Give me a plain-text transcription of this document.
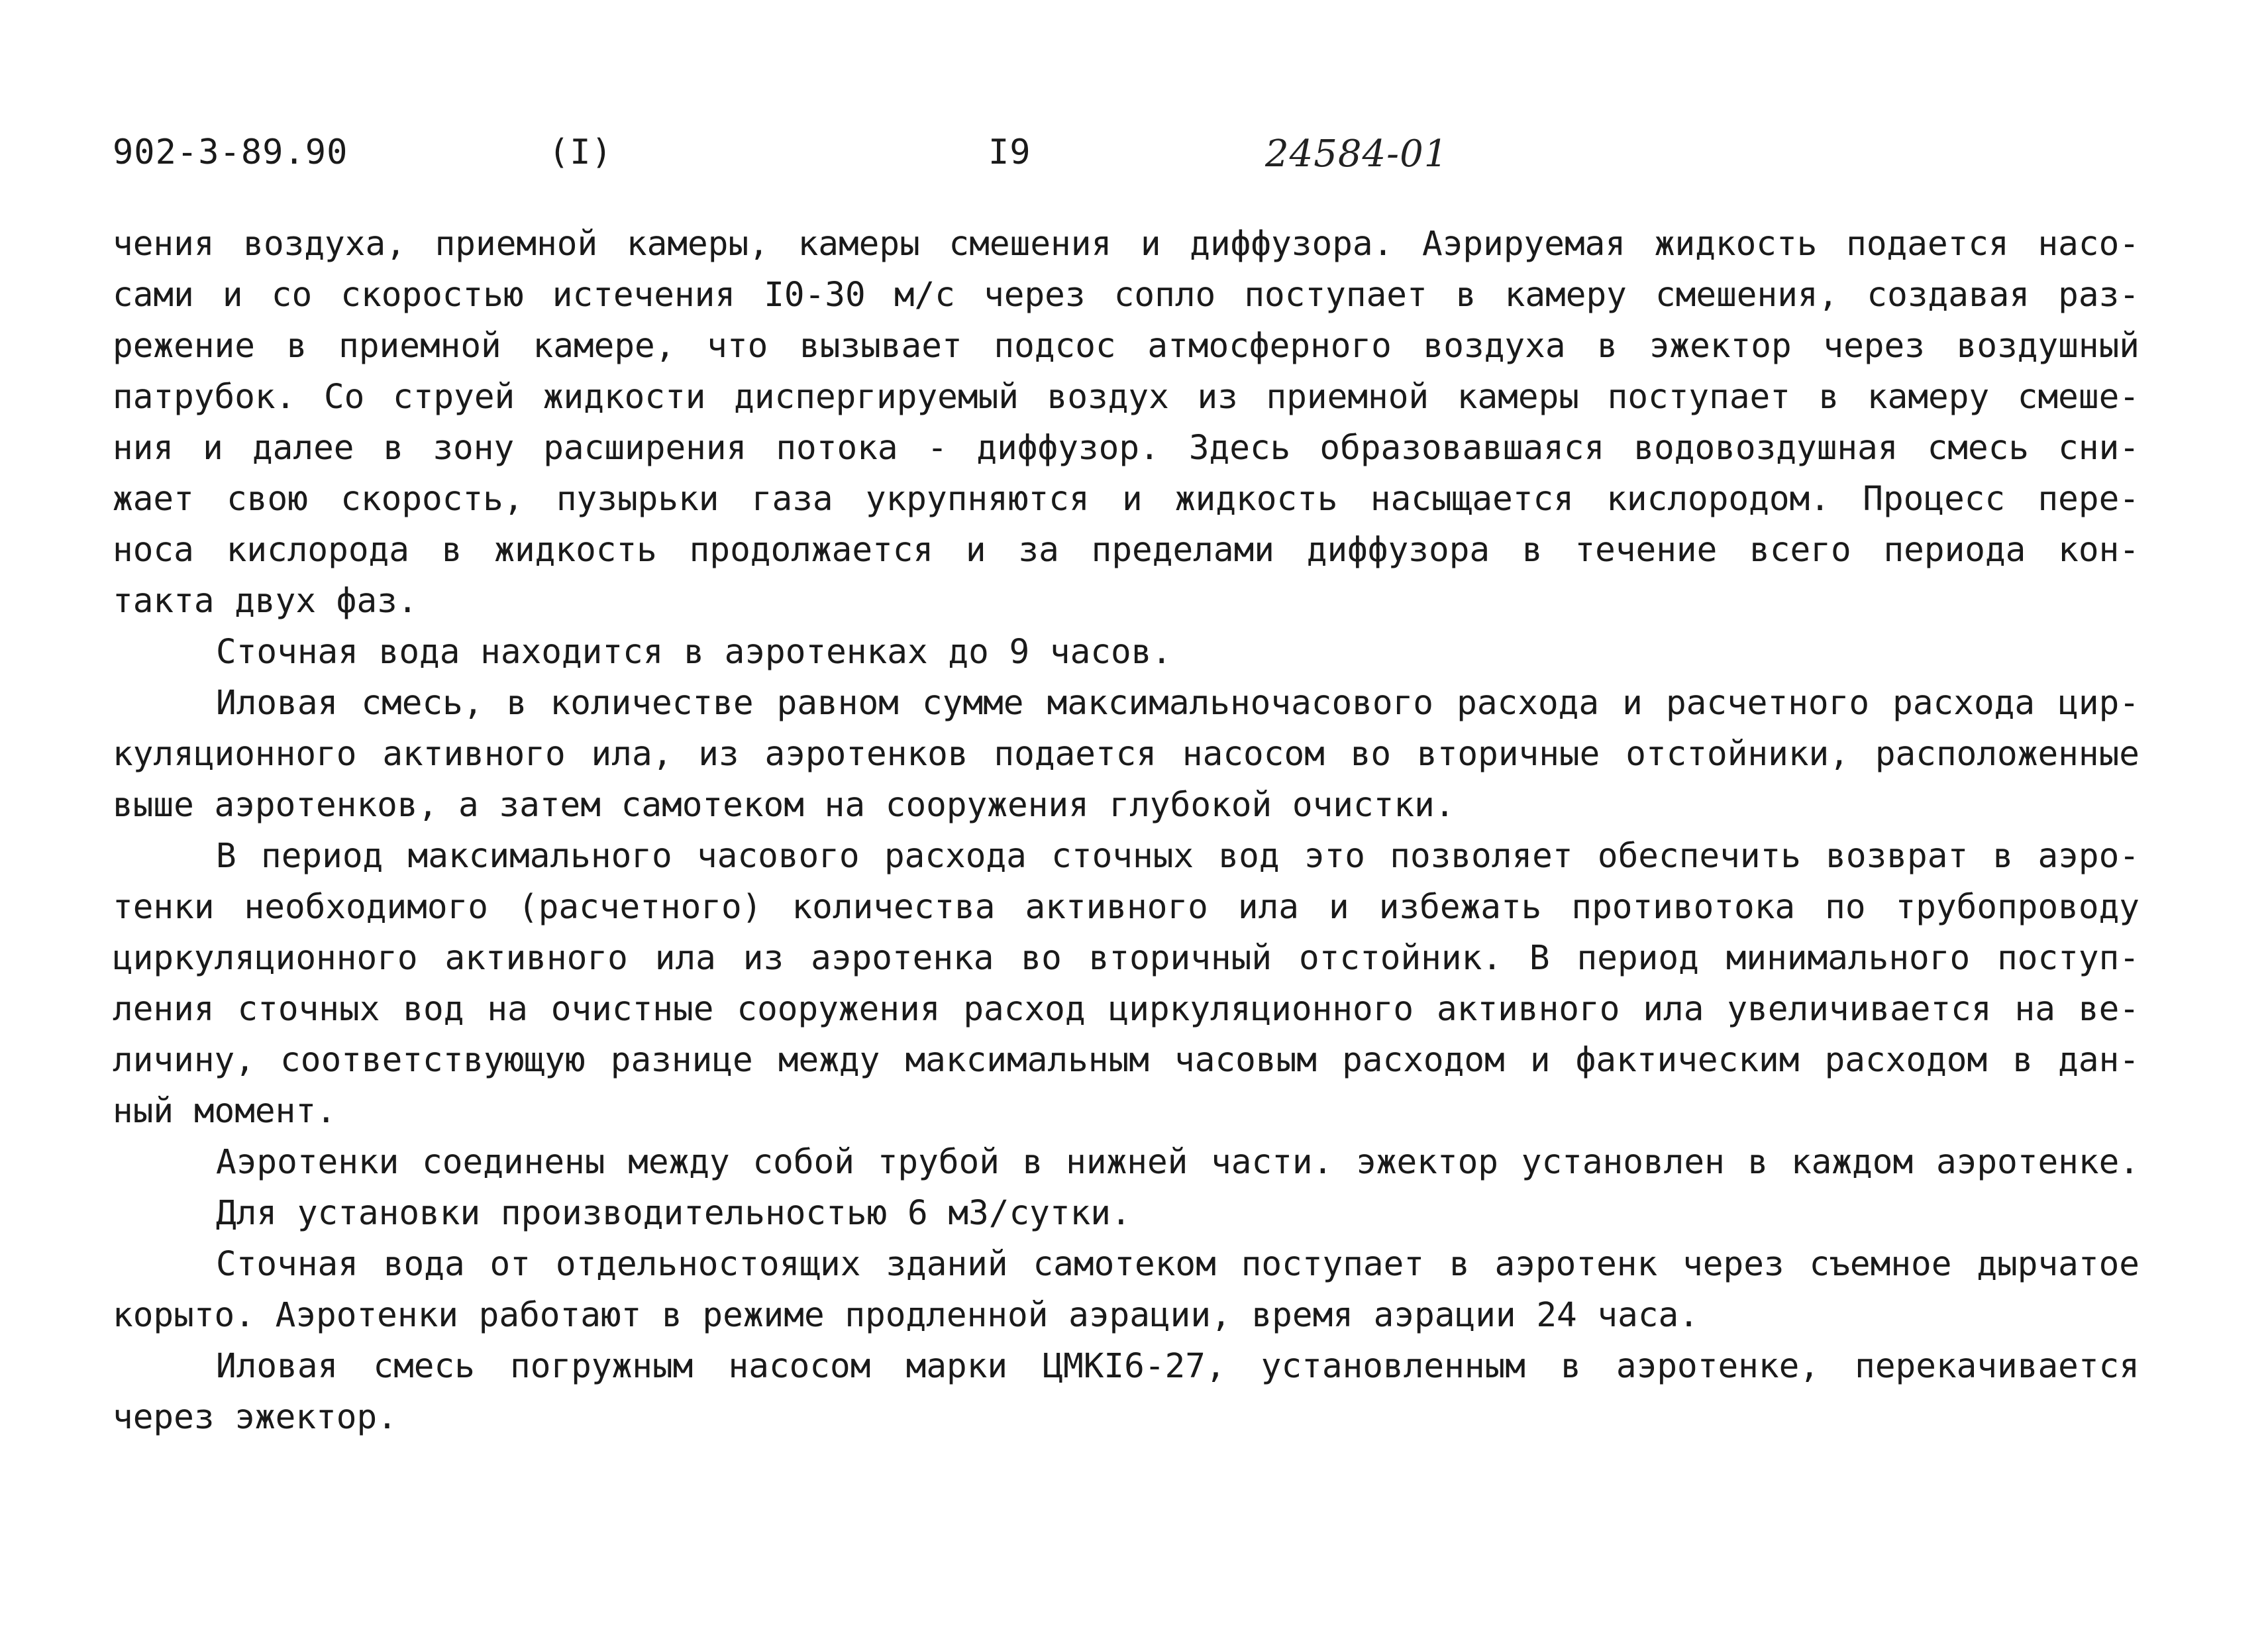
902-3-89.90	(I)	I9	24584-01
чения воздуха, приемной камеры, камеры смешения и диффузора. Аэрируемая жидкость подается насо-
сами и со скоростью истечения I0-30 м/с через сопло поступает в камеру смешения, создавая раз-
режение в приемной камере, что вызывает подсос атмосферного воздуха в эжектор через воздушный
патрубок. Со струей жидкости диспергируемый воздух из приемной камеры поступает в камеру смеше-
ния и далее в зону расширения потока - диффузор. Здесь образовавшаяся водовоздушная смесь сни-
жает свою скорость, пузырьки газа укрупняются и жидкость насыщается кислородом. Процесс пере-
носа кислорода в жидкость продолжается и за пределами диффузора в течение всего периода кон-
такта двух фаз.
Сточная вода находится в аэротенках до 9 часов.
Иловая смесь, в количестве равном сумме максимальночасового расхода и расчетного расхода цир-
куляционного активного ила, из аэротенков подается насосом во вторичные отстойники, расположенные
выше аэротенков, а затем самотеком на сооружения глубокой очистки.
В период максимального часового расхода сточных вод это позволяет обеспечить возврат в аэро-
тенки необходимого (расчетного) количества активного ила и избежать противотока по трубопроводу
циркуляционного активного ила из аэротенка во вторичный отстойник. В период минимального поступ-
ления сточных вод на очистные сооружения расход циркуляционного активного ила увеличивается на ве-
личину, соответствующую разнице между максимальным часовым расходом и фактическим расходом в дан-
ный момент.
Аэротенки соединены между собой трубой в нижней части. эжектор установлен в каждом аэротенке.
Для установки производительностью 6 м3/сутки.
Сточная вода от отдельностоящих зданий самотеком поступает в аэротенк через съемное дырчатое
корыто. Аэротенки работают в режиме продленной аэрации, время аэрации 24 часа.
Иловая смесь погружным насосом марки ЦМКI6-27, установленным в аэротенке, перекачивается
через эжектор.
